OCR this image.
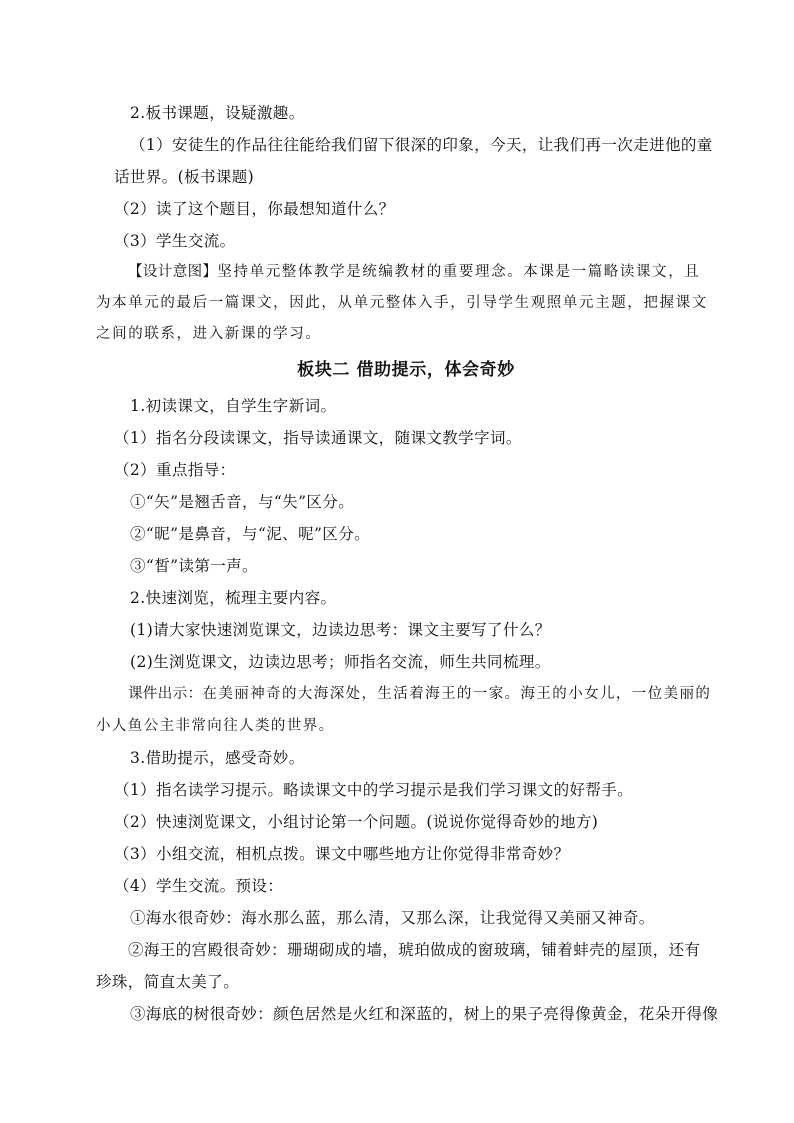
2.板书课题，设疑激趣。

（1）安徒生的作品往往能给我们留下很深的印象，今天，让我们再一次走进他的童话世界。(板书课题)

（2）读了这个题目，你最想知道什么？

（3）学生交流。

【设计意图】坚持单元整体教学是统编教材的重要理念。本课是一篇略读课文，且为本单元的最后一篇课文，因此，从单元整体入手，引导学生观照单元主题，把握课文之间的联系，进入新课的学习。

板块二 借助提示，体会奇妙

1.初读课文，自学生字新词。

（1）指名分段读课文，指导读通课文，随课文教学字词。

（2）重点指导：

①“矢”是翘舌音，与“失”区分。

②“昵”是鼻音，与“泥、呢”区分。

③“皙”读第一声。

2.快速浏览，梳理主要内容。

(1)请大家快速浏览课文，边读边思考：课文主要写了什么？

(2)生浏览课文，边读边思考；师指名交流，师生共同梳理。

课件出示：在美丽神奇的大海深处，生活着海王的一家。海王的小女儿，一位美丽的小人鱼公主非常向往人类的世界。

3.借助提示，感受奇妙。

（1）指名读学习提示。略读课文中的学习提示是我们学习课文的好帮手。

（2）快速浏览课文，小组讨论第一个问题。(说说你觉得奇妙的地方)

（3）小组交流，相机点拨。课文中哪些地方让你觉得非常奇妙？

（4）学生交流。预设：

①海水很奇妙：海水那么蓝，那么清，又那么深，让我觉得又美丽又神奇。

②海王的宫殿很奇妙：珊瑚砌成的墙，琥珀做成的窗玻璃，铺着蚌壳的屋顶，还有珍珠，简直太美了。

③海底的树很奇妙：颜色居然是火红和深蓝的，树上的果子亮得像黄金，花朵开得像
